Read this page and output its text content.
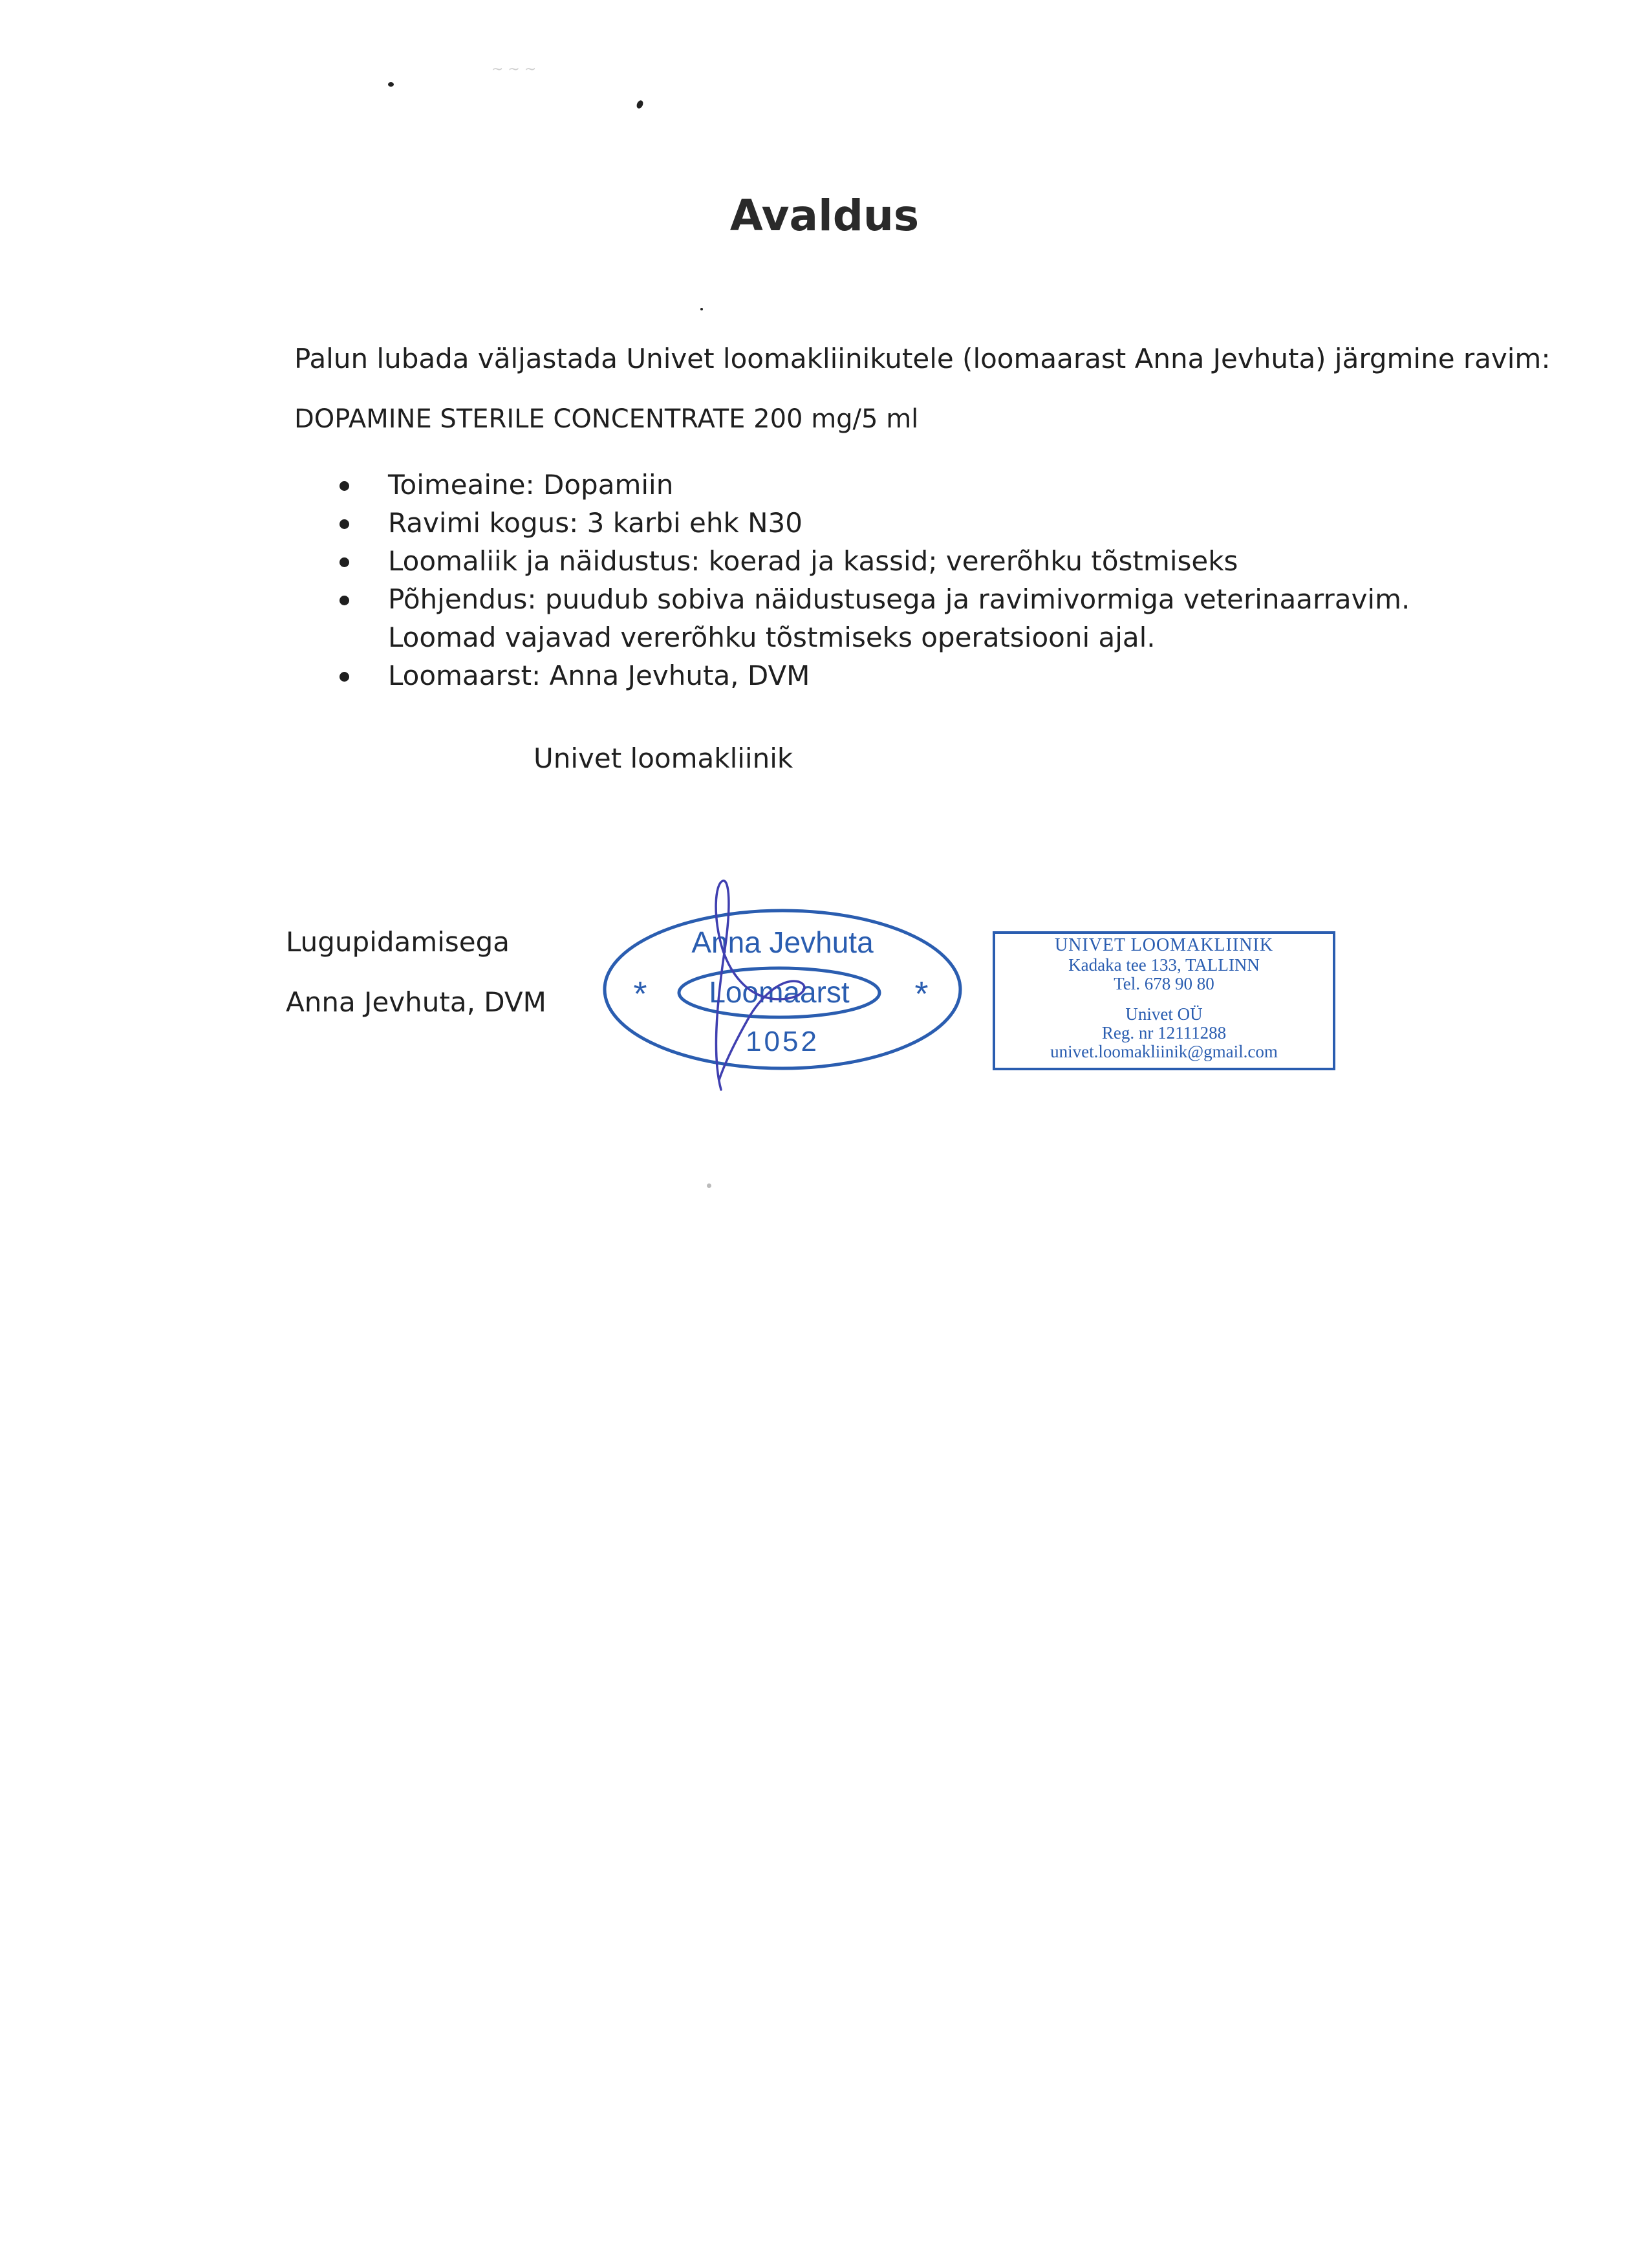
~ ~ ~
Avaldus
Palun lubada väljastada Univet loomakliinikutele (loomaarast Anna Jevhuta) järgmine ravim:
DOPAMINE STERILE CONCENTRATE 200 mg/5 ml
Toimeaine: Dopamiin
Ravimi kogus: 3 karbi ehk N30
Loomaliik ja näidustus: koerad ja kassid; vererõhku tõstmiseks
Põhjendus: puudub sobiva näidustusega ja ravimivormiga veterinaarravim. Loomad vajavad vererõhku tõstmiseks operatsiooni ajal.
Loomaarst: Anna Jevhuta, DVM
Univet loomakliinik
Lugupidamisega
Anna Jevhuta, DVM
Anna Jevhuta
Loomaarst
1052
*	*
UNIVET LOOMAKLIINIK
Kadaka tee 133, TALLINN
Tel. 678 90 80
Univet OÜ
Reg. nr 12111288
univet.loomakliinik@gmail.com
